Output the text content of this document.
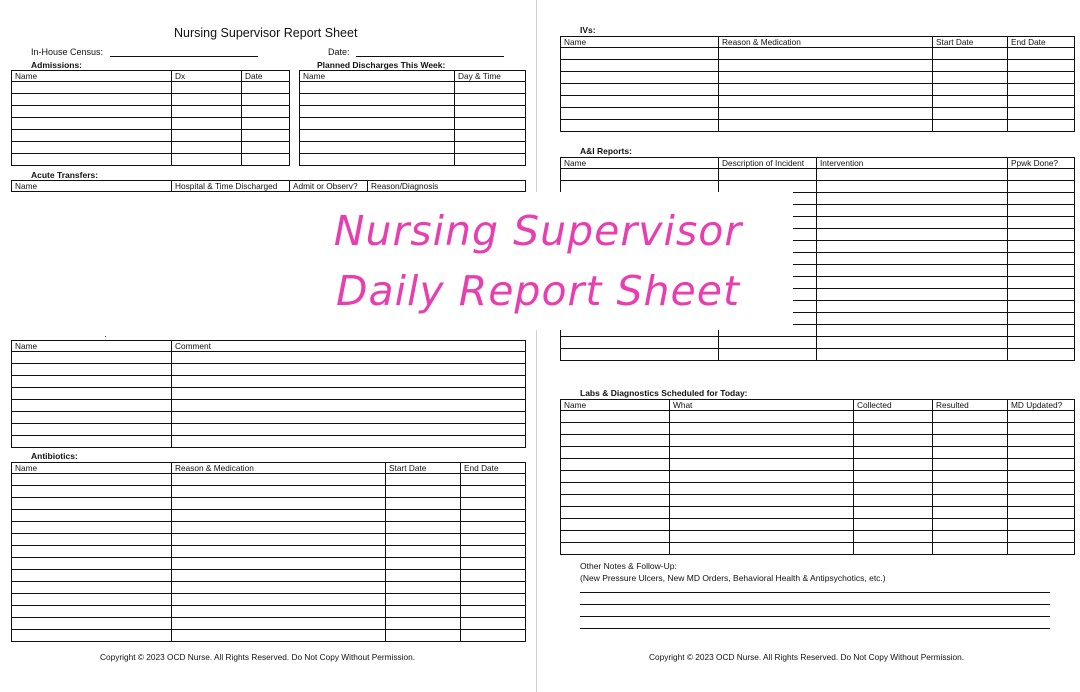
Nursing Supervisor Report Sheet
In-House Census:	Date:
Admissions:
Name	Dx	Date

Planned Discharges This Week:
Name	Day & Time

Acute Transfers:
Name	Hospital & Time Discharged	Admit or Observ?	Reason/Diagnosis
·
Name	Comment

Antibiotics:
Name	Reason & Medication	Start Date	End Date

Copyright © 2023 OCD Nurse. All Rights Reserved. Do Not Copy Without Permission.
IVs:
Name	Reason & Medication	Start Date	End Date

A&I Reports:
Name	Description of Incident	Intervention	Ppwk Done?

Labs & Diagnostics Scheduled for Today:
Name	What	Collected	Resulted	MD Updated?

Other Notes & Follow-Up:
(New Pressure Ulcers, New MD Orders, Behavioral Health & Antipsychotics, etc.)
Copyright © 2023 OCD Nurse. All Rights Reserved. Do Not Copy Without Permission.
Nursing Supervisor
Daily Report Sheet
